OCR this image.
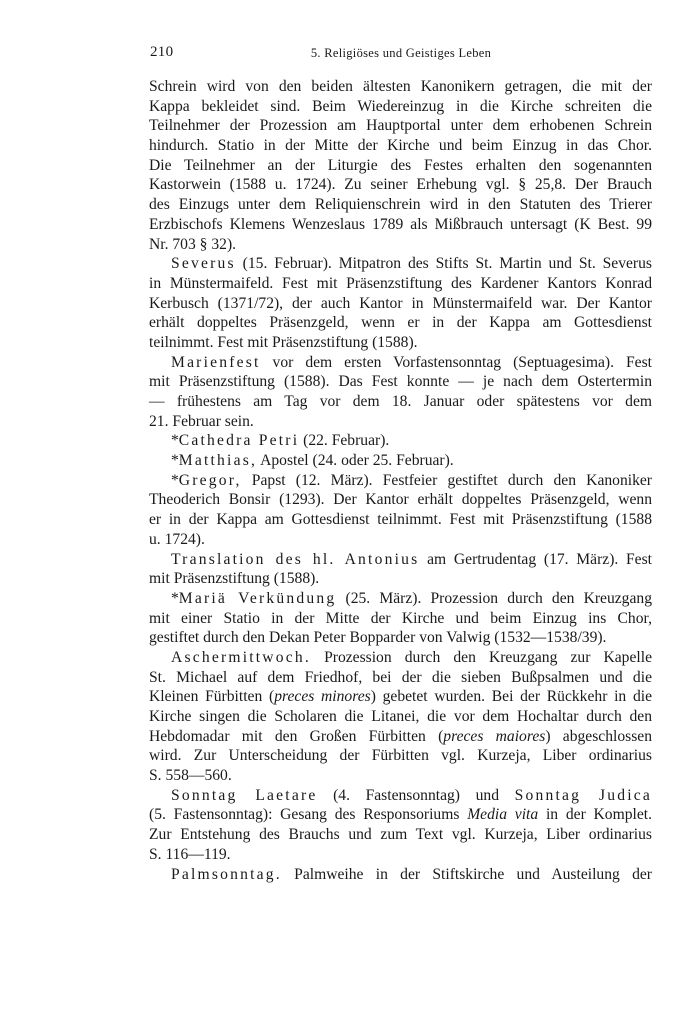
210	5. Religiöses und Geistiges Leben
Schrein wird von den beiden ältesten Kanonikern getragen, die mit der
Kappa bekleidet sind. Beim Wiedereinzug in die Kirche schreiten die
Teilnehmer der Prozession am Hauptportal unter dem erhobenen Schrein
hindurch. Statio in der Mitte der Kirche und beim Einzug in das Chor.
Die Teilnehmer an der Liturgie des Festes erhalten den sogenannten
Kastorwein (1588 u. 1724). Zu seiner Erhebung vgl. § 25,8. Der Brauch
des Einzugs unter dem Reliquienschrein wird in den Statuten des Trierer
Erzbischofs Klemens Wenzeslaus 1789 als Mißbrauch untersagt (K Best. 99
Nr. 703 § 32).
Severus (15. Februar). Mitpatron des Stifts St. Martin und St. Severus
in Münstermaifeld. Fest mit Präsenzstiftung des Kardener Kantors Konrad
Kerbusch (1371/72), der auch Kantor in Münstermaifeld war. Der Kantor
erhält doppeltes Präsenzgeld, wenn er in der Kappa am Gottesdienst
teilnimmt. Fest mit Präsenzstiftung (1588).
Marienfest vor dem ersten Vorfastensonntag (Septuagesima). Fest
mit Präsenzstiftung (1588). Das Fest konnte — je nach dem Ostertermin
— frühestens am Tag vor dem 18. Januar oder spätestens vor dem
21. Februar sein.
*Cathedra Petri (22. Februar).
*Matthias, Apostel (24. oder 25. Februar).
*Gregor, Papst (12. März). Festfeier gestiftet durch den Kanoniker
Theoderich Bonsir (1293). Der Kantor erhält doppeltes Präsenzgeld, wenn
er in der Kappa am Gottesdienst teilnimmt. Fest mit Präsenzstiftung (1588
u. 1724).
Translation des hl. Antonius am Gertrudentag (17. März). Fest
mit Präsenzstiftung (1588).
*Mariä Verkündung (25. März). Prozession durch den Kreuzgang
mit einer Statio in der Mitte der Kirche und beim Einzug ins Chor,
gestiftet durch den Dekan Peter Bopparder von Valwig (1532—1538/39).
Aschermittwoch. Prozession durch den Kreuzgang zur Kapelle
St. Michael auf dem Friedhof, bei der die sieben Bußpsalmen und die
Kleinen Fürbitten (preces minores) gebetet wurden. Bei der Rückkehr in die
Kirche singen die Scholaren die Litanei, die vor dem Hochaltar durch den
Hebdomadar mit den Großen Fürbitten (preces maiores) abgeschlossen
wird. Zur Unterscheidung der Fürbitten vgl. Kurzeja, Liber ordinarius
S. 558—560.
Sonntag Laetare (4. Fastensonntag) und Sonntag Judica
(5. Fastensonntag): Gesang des Responsoriums Media vita in der Komplet.
Zur Entstehung des Brauchs und zum Text vgl. Kurzeja, Liber ordinarius
S. 116—119.
Palmsonntag. Palmweihe in der Stiftskirche und Austeilung der
